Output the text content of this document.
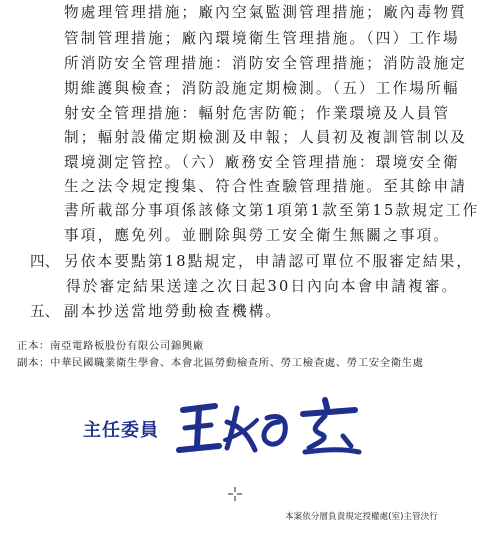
物處理管理措施；廠內空氣監測管理措施；廠內毒物質
管制管理措施；廠內環境衛生管理措施。（四）工作場
所消防安全管理措施：消防安全管理措施；消防設施定
期維護與檢查；消防設施定期檢測。（五）工作場所輻
射安全管理措施：輻射危害防範；作業環境及人員管
制；輻射設備定期檢測及申報；人員初及複訓管制以及
環境測定管控。（六）廠務安全管理措施：環境安全衛
生之法令規定搜集、符合性查驗管理措施。至其餘申請
書所載部分事項係該條文第1項第1款至第15款規定工作
事項，應免列。並刪除與勞工安全衛生無關之事項。
四、 另依本要點第18點規定，申請認可單位不服審定結果，
得於審定結果送達之次日起30日內向本會申請複審。
五、 副本抄送當地勞動檢查機構。
正本：南亞電路板股份有限公司錦興廠
副本：中華民國職業衛生學會、本會北區勞動檢查所、勞工檢查處、勞工安全衛生處
主任委員
本案依分層負責規定授權處(室)主管決行
